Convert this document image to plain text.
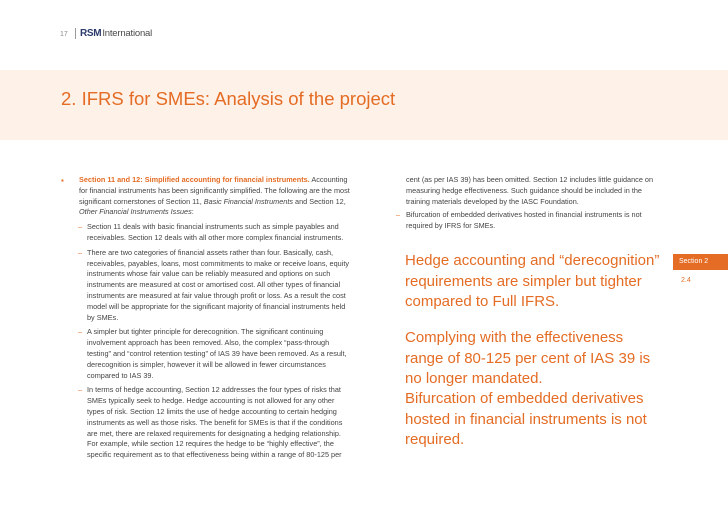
17 RSM International
2. IFRS for SMEs: Analysis of the project
▪ Section 11 and 12: Simplified accounting for financial instruments. Accounting for financial instruments has been significantly simplified. The following are the most significant cornerstones of Section 11, Basic Financial Instruments and Section 12, Other Financial Instruments Issues:
– Section 11 deals with basic financial instruments such as simple payables and receivables. Section 12 deals with all other more complex financial instruments.
– There are two categories of financial assets rather than four. Basically, cash, receivables, payables, loans, most commitments to make or receive loans, equity instruments whose fair value can be reliably measured and options on such instruments are measured at cost or amortised cost. All other types of financial instruments are measured at fair value through profit or loss. As a result the cost model will be appropriate for the significant majority of financial instruments held by SMEs.
– A simpler but tighter principle for derecognition. The significant continuing involvement approach has been removed. Also, the complex “pass-through testing” and “control retention testing” of IAS 39 have been removed. As a result, derecognition is simpler, however it will be allowed in fewer circumstances compared to IAS 39.
– In terms of hedge accounting, Section 12 addresses the four types of risks that SMEs typically seek to hedge. Hedge accounting is not allowed for any other types of risk. Section 12 limits the use of hedge accounting to certain hedging instruments as well as those risks. The benefit for SMEs is that if the conditions are met, there are relaxed requirements for designating a hedging relationship. For example, while section 12 requires the hedge to be “highly effective”, the specific requirement as to that effectiveness being within a range of 80-125 per
cent (as per IAS 39) has been omitted. Section 12 includes little guidance on measuring hedge effectiveness. Such guidance should be included in the training materials developed by the IASC Foundation.
– Bifurcation of embedded derivatives hosted in financial instruments is not required by IFRS for SMEs.
Hedge accounting and “derecognition” requirements are simpler but tighter compared to Full IFRS.
Complying with the effectiveness range of 80-125 per cent of IAS 39 is no longer mandated.
Bifurcation of embedded derivatives hosted in financial instruments is not required.
Section 2
2.4
